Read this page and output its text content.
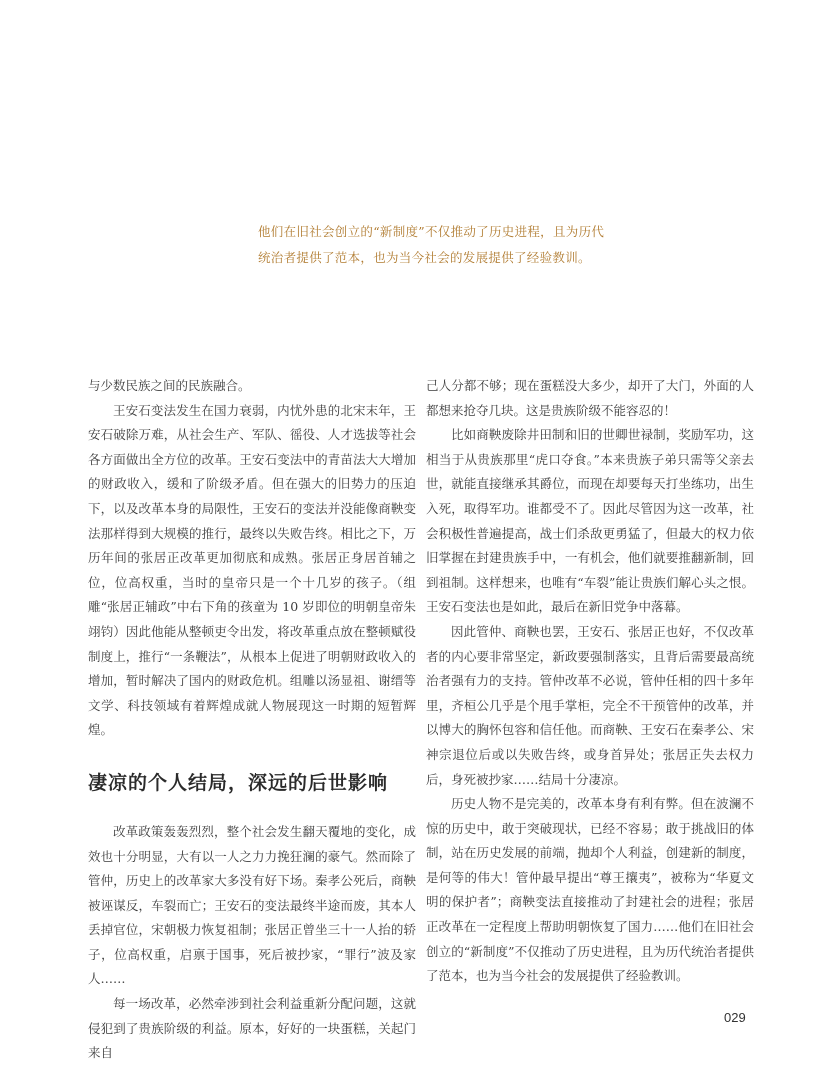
他们在旧社会创立的“新制度”不仅推动了历史进程，且为历代

统治者提供了范本，也为当今社会的发展提供了经验教训。

与少数民族之间的民族融合。

王安石变法发生在国力衰弱，内忧外患的北宋末年，王安石破除万难，从社会生产、军队、徭役、人才选拔等社会各方面做出全方位的改革。王安石变法中的青苗法大大增加的财政收入，缓和了阶级矛盾。但在强大的旧势力的压迫下，以及改革本身的局限性，王安石的变法并没能像商鞅变法那样得到大规模的推行，最终以失败告终。相比之下，万历年间的张居正改革更加彻底和成熟。张居正身居首辅之位，位高权重，当时的皇帝只是一个十几岁的孩子。（组雕“张居正辅政”中右下角的孩童为 10 岁即位的明朝皇帝朱翊钧）因此他能从整顿吏令出发，将改革重点放在整顿赋役制度上，推行“一条鞭法”，从根本上促进了明朝财政收入的增加，暂时解决了国内的财政危机。组雕以汤显祖、谢缙等文学、科技领域有着辉煌成就人物展现这一时期的短暂辉煌。

凄凉的个人结局，深远的后世影响

改革政策轰轰烈烈，整个社会发生翻天覆地的变化，成效也十分明显，大有以一人之力力挽狂澜的豪气。然而除了管仲，历史上的改革家大多没有好下场。秦孝公死后，商鞅被诬谋反，车裂而亡；王安石的变法最终半途而废，其本人丢掉官位，宋朝极力恢复祖制；张居正曾坐三十一人抬的轿子，位高权重，启禀于国事，死后被抄家，“罪行”波及家人……

每一场改革，必然牵涉到社会利益重新分配问题，这就侵犯到了贵族阶级的利益。原本，好好的一块蛋糕，关起门来自

己人分都不够；现在蛋糕没大多少，却开了大门，外面的人都想来抢夺几块。这是贵族阶级不能容忍的！

比如商鞅废除井田制和旧的世卿世禄制，奖励军功，这相当于从贵族那里“虎口夺食。”本来贵族子弟只需等父亲去世，就能直接继承其爵位，而现在却要每天打坐练功，出生入死，取得军功。谁都受不了。因此尽管因为这一改革，社会积极性普遍提高，战士们杀敌更勇猛了，但最大的权力依旧掌握在封建贵族手中，一有机会，他们就要推翻新制，回到祖制。这样想来，也唯有“车裂”能让贵族们解心头之恨。王安石变法也是如此，最后在新旧党争中落幕。

因此管仲、商鞅也罢，王安石、张居正也好，不仅改革者的内心要非常坚定，新政要强制落实，且背后需要最高统治者强有力的支持。管仲改革不必说，管仲任相的四十多年里，齐桓公几乎是个甩手掌柜，完全不干预管仲的改革，并以博大的胸怀包容和信任他。而商鞅、王安石在秦孝公、宋神宗退位后或以失败告终，或身首异处；张居正失去权力后，身死被抄家……结局十分凄凉。

历史人物不是完美的，改革本身有利有弊。但在波澜不惊的历史中，敢于突破现状，已经不容易；敢于挑战旧的体制，站在历史发展的前端，抛却个人利益，创建新的制度，是何等的伟大！管仲最早提出“尊王攘夷”，被称为“华夏文明的保护者”；商鞅变法直接推动了封建社会的进程；张居正改革在一定程度上帮助明朝恢复了国力……他们在旧社会创立的“新制度”不仅推动了历史进程，且为历代统治者提供了范本，也为当今社会的发展提供了经验教训。

029
